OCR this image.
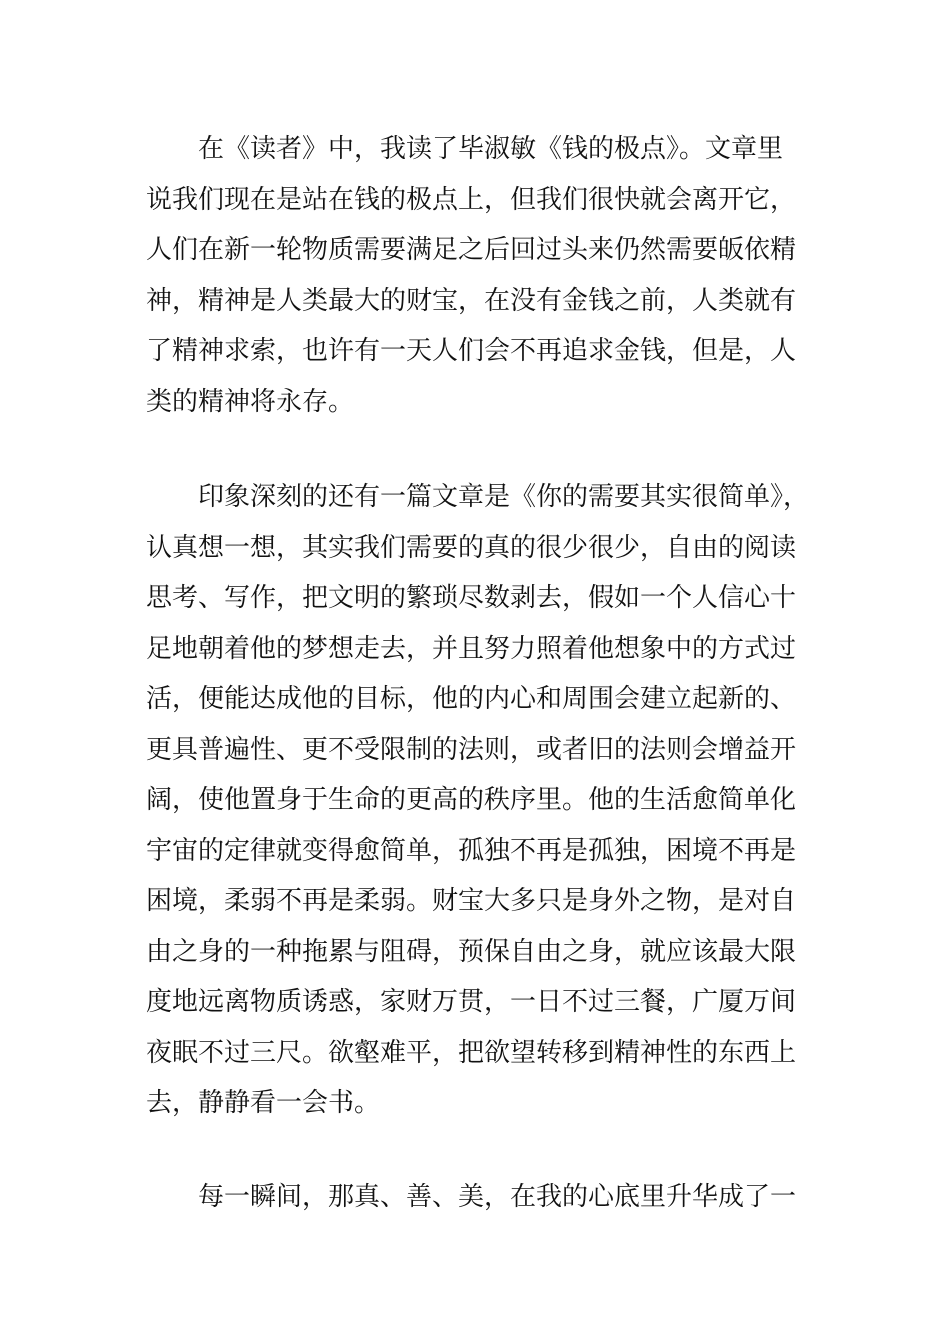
在《读者》中，我读了毕淑敏《钱的极点》。文章里
说我们现在是站在钱的极点上，但我们很快就会离开它，
人们在新一轮物质需要满足之后回过头来仍然需要皈依精
神，精神是人类最大的财宝，在没有金钱之前，人类就有
了精神求索，也许有一天人们会不再追求金钱，但是，人
类的精神将永存。
印象深刻的还有一篇文章是《你的需要其实很简单》，
认真想一想，其实我们需要的真的很少很少，自由的阅读
思考、写作，把文明的繁琐尽数剥去，假如一个人信心十
足地朝着他的梦想走去，并且努力照着他想象中的方式过
活，便能达成他的目标，他的内心和周围会建立起新的、
更具普遍性、更不受限制的法则，或者旧的法则会增益开
阔，使他置身于生命的更高的秩序里。他的生活愈简单化
宇宙的定律就变得愈简单，孤独不再是孤独，困境不再是
困境，柔弱不再是柔弱。财宝大多只是身外之物，是对自
由之身的一种拖累与阻碍，预保自由之身，就应该最大限
度地远离物质诱惑，家财万贯，一日不过三餐，广厦万间
夜眠不过三尺。欲壑难平，把欲望转移到精神性的东西上
去，静静看一会书。
每一瞬间，那真、善、美，在我的心底里升华成了一
